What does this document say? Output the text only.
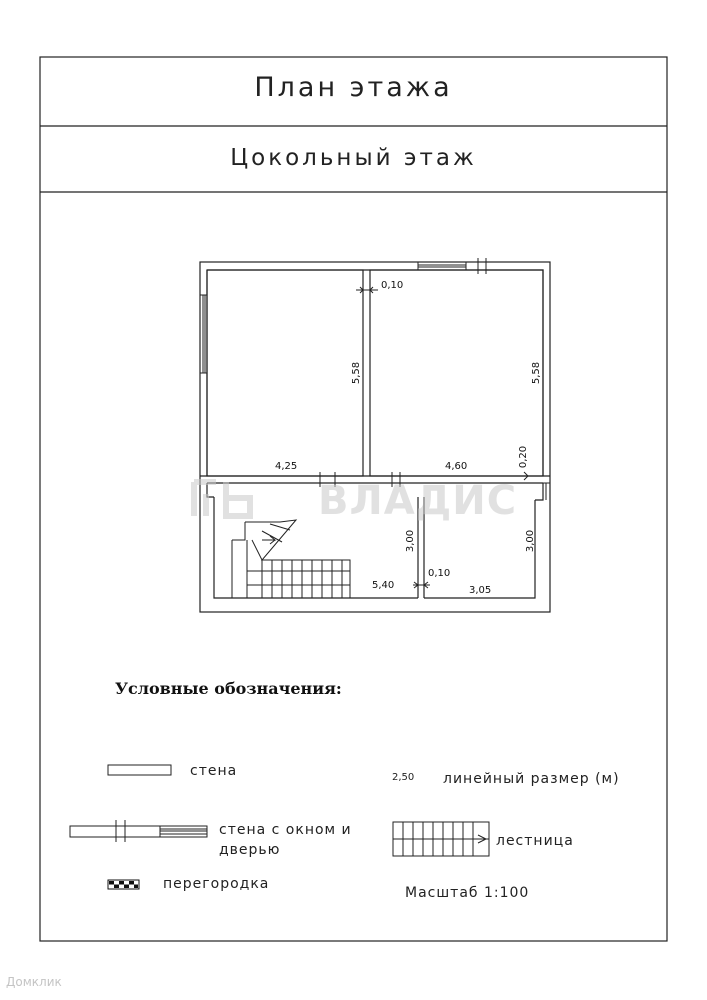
ВЛАДИС
Домклик
План этажа
Цокольный этаж
0,10
5,58	5,58
4,25	4,60	0,20
3,00	3,00
0,10
5,40	3,05
Условные обозначения:
стена
стена с окном и
дверью
перегородка
2,50 линейный размер (м)
лестница
Масштаб 1:100
